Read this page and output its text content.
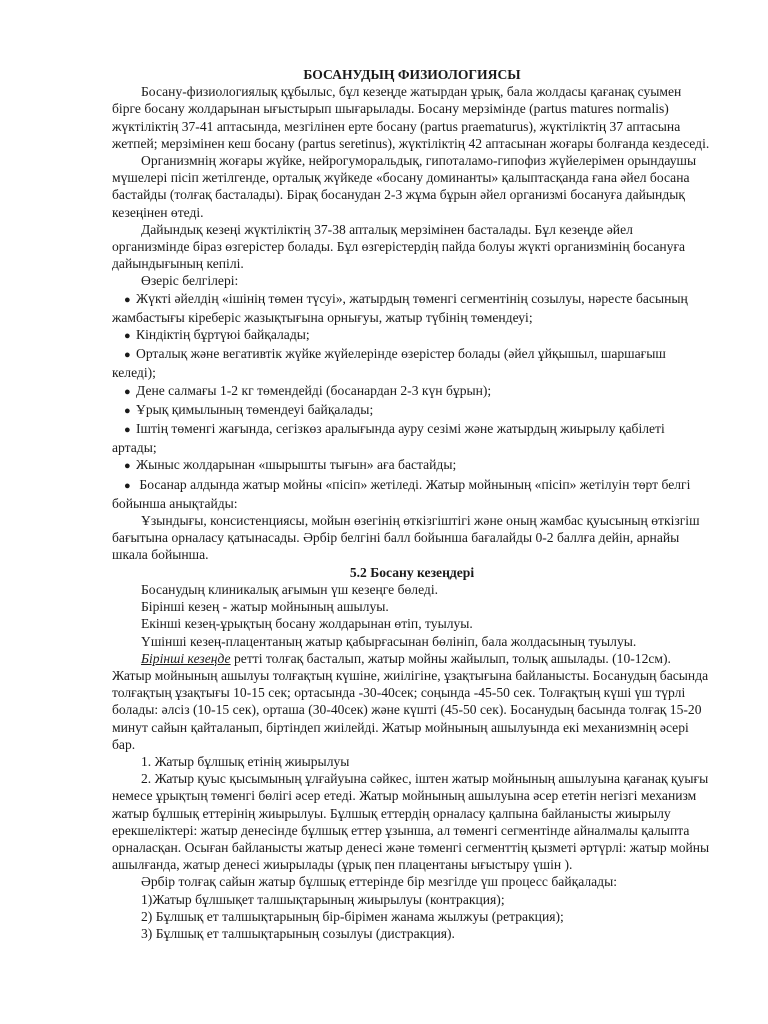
БОСАНУДЫҢ ФИЗИОЛОГИЯСЫ

Босану-физиологиялық құбылыс, бұл кезеңде жатырдан ұрық, бала жолдасы қағанақ суымен бірге босану жолдарынан ығыстырып шығарылады. Босану мерзімінде (partus matures normalis) жүктіліктің 37-41 аптасында, мезгілінен ерте босану (partus praematurus), жүктіліктің 37 аптасына жетпей; мерзімінен кеш босану (partus seretinus), жүктіліктің 42 аптасынан жоғары болғанда кездеседі.

Организмнің жоғары жүйке, нейрогуморальдық, гипоталамо-гипофиз жүйелерімен орындаушы мүшелері пісіп жетілгенде, орталық жүйкеде «босану доминанты» қалыптасқанда ғана әйел босана бастайды (толғақ басталады). Бірақ босанудан 2-3 жұма бұрын әйел организмі босануға дайындық кезеңінен өтеді.

Дайындық кезеңі жүктіліктің 37-38 апталық мерзімінен басталады. Бұл кезеңде әйел организмінде біраз өзгерістер болады. Бұл өзгерістердің пайда болуы жүкті организмінің босануға дайындығының кепілі.

Өзеріс белгілері:

● Жүкті әйелдің «ішінің төмен түсуі», жатырдың төменгі сегментінің созылуы, нәресте басының жамбастығы кіреберіс жазықтығына орнығуы, жатыр түбінің төмендеуі;
● Кіндіктің бұртүюі байқалады;
● Орталық және вегативтік жүйке жүйелерінде өзерістер болады (әйел ұйқышыл, шаршағыш келеді);
● Дене салмағы 1-2 кг төмендейді (босанардан 2-3 күн бұрын);
● Ұрық қимылының төмендеуі байқалады;
● Іштің төменгі жағында, сегізкөз аралығында ауру сезімі және жатырдың жиырылу қабілеті артады;
● Жыныс жолдарынан «шырышты тығын» аға бастайды;
● Босанар алдында жатыр мойны «пісіп» жетіледі. Жатыр мойнының «пісіп» жетілуін төрт белгі бойынша анықтайды:

Ұзындығы, консистенциясы, мойын өзегінің өткізгіштігі және оның жамбас қуысының өткізгіш бағытына орналасу қатынасады. Әрбір белгіні балл бойынша бағалайды 0-2 баллға дейін, арнайы шкала бойынша.

5.2 Босану кезеңдері

Босанудың клиникалық ағымын үш кезеңге бөледі.

Бірінші кезең - жатыр мойнының ашылуы.

Екінші кезең-ұрықтың босану жолдарынан өтіп, туылуы.

Үшінші кезең-плацентаның жатыр қабырғасынан бөлініп, бала жолдасының туылуы.

Бірінші кезеңде ретті толғақ басталып, жатыр мойны жайылып, толық ашылады. (10-12см). Жатыр мойнының ашылуы толғақтың күшіне, жиілігіне, ұзақтығына байланысты. Босанудың басында толғақтың ұзақтығы 10-15 сек; ортасында -30-40сек; соңында -45-50 сек. Толғақтың күші үш түрлі болады: әлсіз (10-15 сек), орташа (30-40сек) және күшті (45-50 сек). Босанудың басында толғақ 15-20 минут сайын қайталанып, біртіндеп жиілейді. Жатыр мойнының ашылуында екі механизмнің әсері бар.

1. Жатыр бұлшық етінің жиырылуы

2. Жатыр қуыс қысымының ұлғайуына сәйкес, іштен жатыр мойнының ашылуына қағанақ қуығы немесе ұрықтың төменгі бөлігі әсер етеді. Жатыр мойнының ашылуына әсер ететін негізгі механизм жатыр бұлшық еттерінің жиырылуы. Бұлшық еттердің орналасу қалпына байланысты жиырылу ерекшеліктері: жатыр денесінде бұлшық еттер ұзынша, ал төменгі сегментінде айналмалы қалыпта орналасқан. Осыған байланысты жатыр денесі және төменгі сегменттің қызметі әртүрлі: жатыр мойны ашылғанда, жатыр денесі жиырылады (ұрық пен плацентаны ығыстыру үшін ).

Әрбір толғақ сайын жатыр бұлшық еттерінде бір мезгілде үш процесс байқалады:

1)Жатыр бұлшықет талшықтарының жиырылуы (контракция);
2) Бұлшық ет талшықтарының бір-бірімен жанама жылжуы (ретракция);
3) Бұлшық ет талшықтарының созылуы (дистракция).
